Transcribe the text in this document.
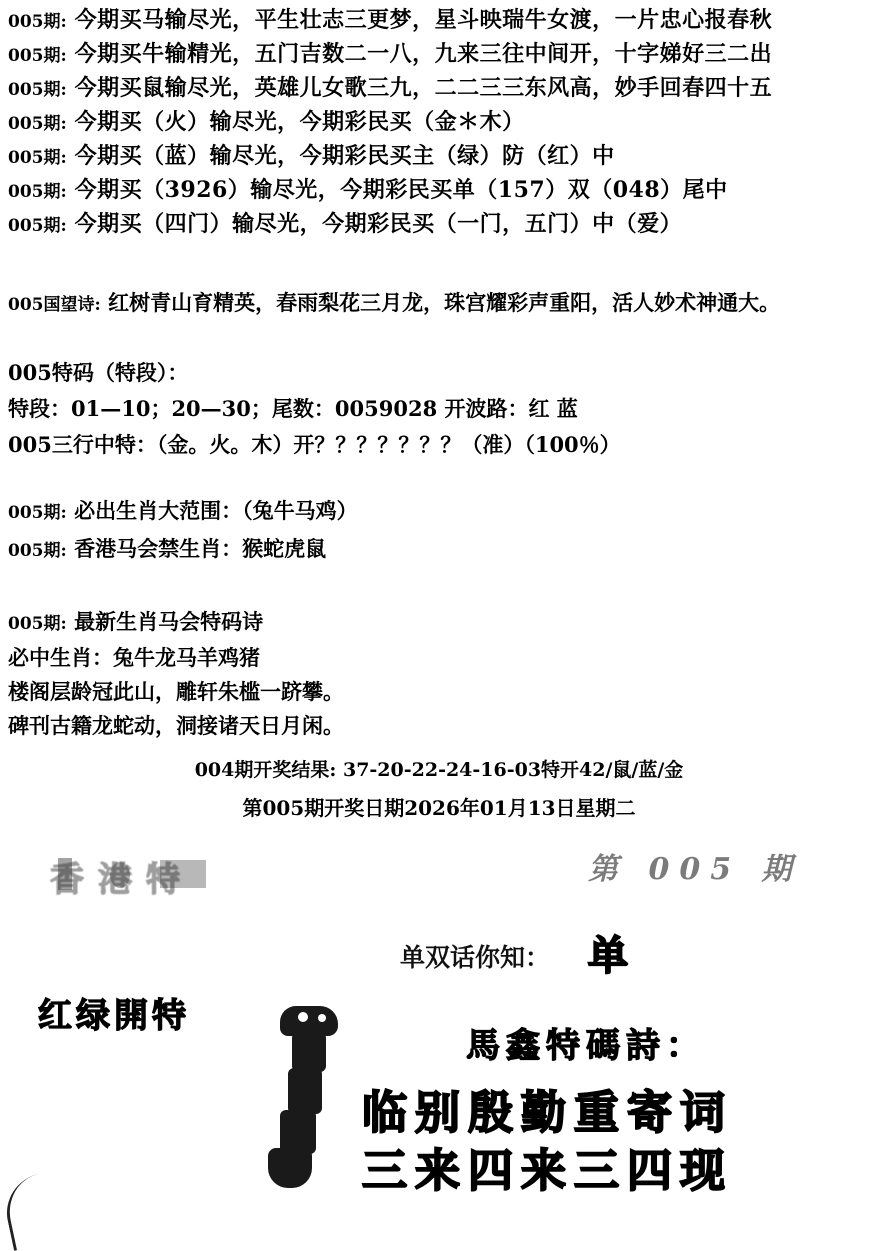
005期: 今期买马输尽光，平生壮志三更梦，星斗映瑞牛女渡，一片忠心报春秋
005期: 今期买牛输精光，五门吉数二一八，九来三往中间开，十字娣好三二出
005期: 今期买鼠输尽光，英雄儿女歌三九，二二三三东风高，妙手回春四十五
005期: 今期买（火）输尽光，今期彩民买（金＊木）
005期: 今期买（蓝）输尽光，今期彩民买主（绿）防（红）中
005期: 今期买（3926）输尽光，今期彩民买单（157）双（048）尾中
005期: 今期买（四门）输尽光，今期彩民买（一门，五门）中（爱）
005国望诗: 红树青山育精英，春雨梨花三月龙，珠宫耀彩声重阳，活人妙术神通大。
005特码（特段）：
特段：01—10；20—30；尾数：0059028 开波路：红 蓝
005三行中特：（金。火。木）开？？？？？？？（准）（100％）
005期: 必出生肖大范围：（兔牛马鸡）
005期: 香港马会禁生肖：猴蛇虎鼠
005期: 最新生肖马会特码诗
必中生肖：兔牛龙马羊鸡猪
楼阁层龄冠此山，雕轩朱槛一跻攀。
碑刊古籍龙蛇动，洞接诸天日月闲。
004期开奖结果: 37-20-22-24-16-03特开42/鼠/蓝/金
第005期开奖日期2026年01月13日星期二
香港特	第 005 期
单双话你知： 单
红绿開特
馬鑫特碼詩：
临别殷勤重寄词
三来四来三四现
